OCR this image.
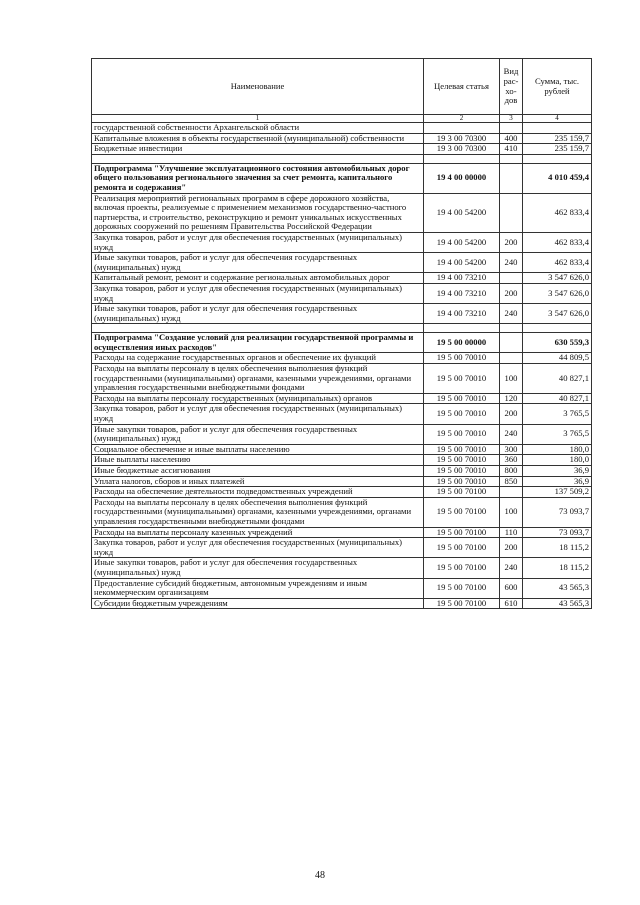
Наименование	Целевая статья	Вид рас-хо-дов	Сумма, тыс. рублей
1	2	3	4
государственной собственности Архангельской области			
Капитальные вложения в объекты государственной (муниципальной) собственности	19 3 00 70300	400	235 159,7
Бюджетные инвестиции	19 3 00 70300	410	235 159,7

Подпрограмма "Улучшение эксплуатационного состояния автомобильных дорог общего пользования регионального значения за счет ремонта, капитального ремонта и содержания"	19 4 00 00000		4 010 459,4
Реализация мероприятий региональных программ в сфере дорожного хозяйства, включая проекты, реализуемые с применением механизмов государственно-частного партнерства, и строительство, реконструкцию и ремонт уникальных искусственных дорожных сооружений по решениям Правительства Российской Федерации	19 4 00 54200		462 833,4
Закупка товаров, работ и услуг для обеспечения государственных (муниципальных) нужд	19 4 00 54200	200	462 833,4
Иные закупки товаров, работ и услуг для обеспечения государственных (муниципальных) нужд	19 4 00 54200	240	462 833,4
Капитальный ремонт, ремонт и содержание региональных автомобильных дорог	19 4 00 73210		3 547 626,0
Закупка товаров, работ и услуг для обеспечения государственных (муниципальных) нужд	19 4 00 73210	200	3 547 626,0
Иные закупки товаров, работ и услуг для обеспечения государственных (муниципальных) нужд	19 4 00 73210	240	3 547 626,0

Подпрограмма "Создание условий для реализации государственной программы и осуществления иных расходов"	19 5 00 00000		630 559,3
Расходы на содержание государственных органов и обеспечение их функций	19 5 00 70010		44 809,5
Расходы на выплаты персоналу в целях обеспечения выполнения функций государственными (муниципальными) органами, казенными учреждениями, органами управления государственными внебюджетными фондами	19 5 00 70010	100	40 827,1
Расходы на выплаты персоналу государственных (муниципальных) органов	19 5 00 70010	120	40 827,1
Закупка товаров, работ и услуг для обеспечения государственных (муниципальных) нужд	19 5 00 70010	200	3 765,5
Иные закупки товаров, работ и услуг для обеспечения государственных (муниципальных) нужд	19 5 00 70010	240	3 765,5
Социальное обеспечение и иные выплаты населению	19 5 00 70010	300	180,0
Иные выплаты населению	19 5 00 70010	360	180,0
Иные бюджетные ассигнования	19 5 00 70010	800	36,9
Уплата налогов, сборов и иных платежей	19 5 00 70010	850	36,9
Расходы на обеспечение деятельности подведомственных учреждений	19 5 00 70100		137 509,2
Расходы на выплаты персоналу в целях обеспечения выполнения функций государственными (муниципальными) органами, казенными учреждениями, органами управления государственными внебюджетными фондами	19 5 00 70100	100	73 093,7
Расходы на выплаты персоналу казенных учреждений	19 5 00 70100	110	73 093,7
Закупка товаров, работ и услуг для обеспечения государственных (муниципальных) нужд	19 5 00 70100	200	18 115,2
Иные закупки товаров, работ и услуг для обеспечения государственных (муниципальных) нужд	19 5 00 70100	240	18 115,2
Предоставление субсидий бюджетным, автономным учреждениям и иным некоммерческим организациям	19 5 00 70100	600	43 565,3
Субсидии бюджетным учреждениям	19 5 00 70100	610	43 565,3
48
